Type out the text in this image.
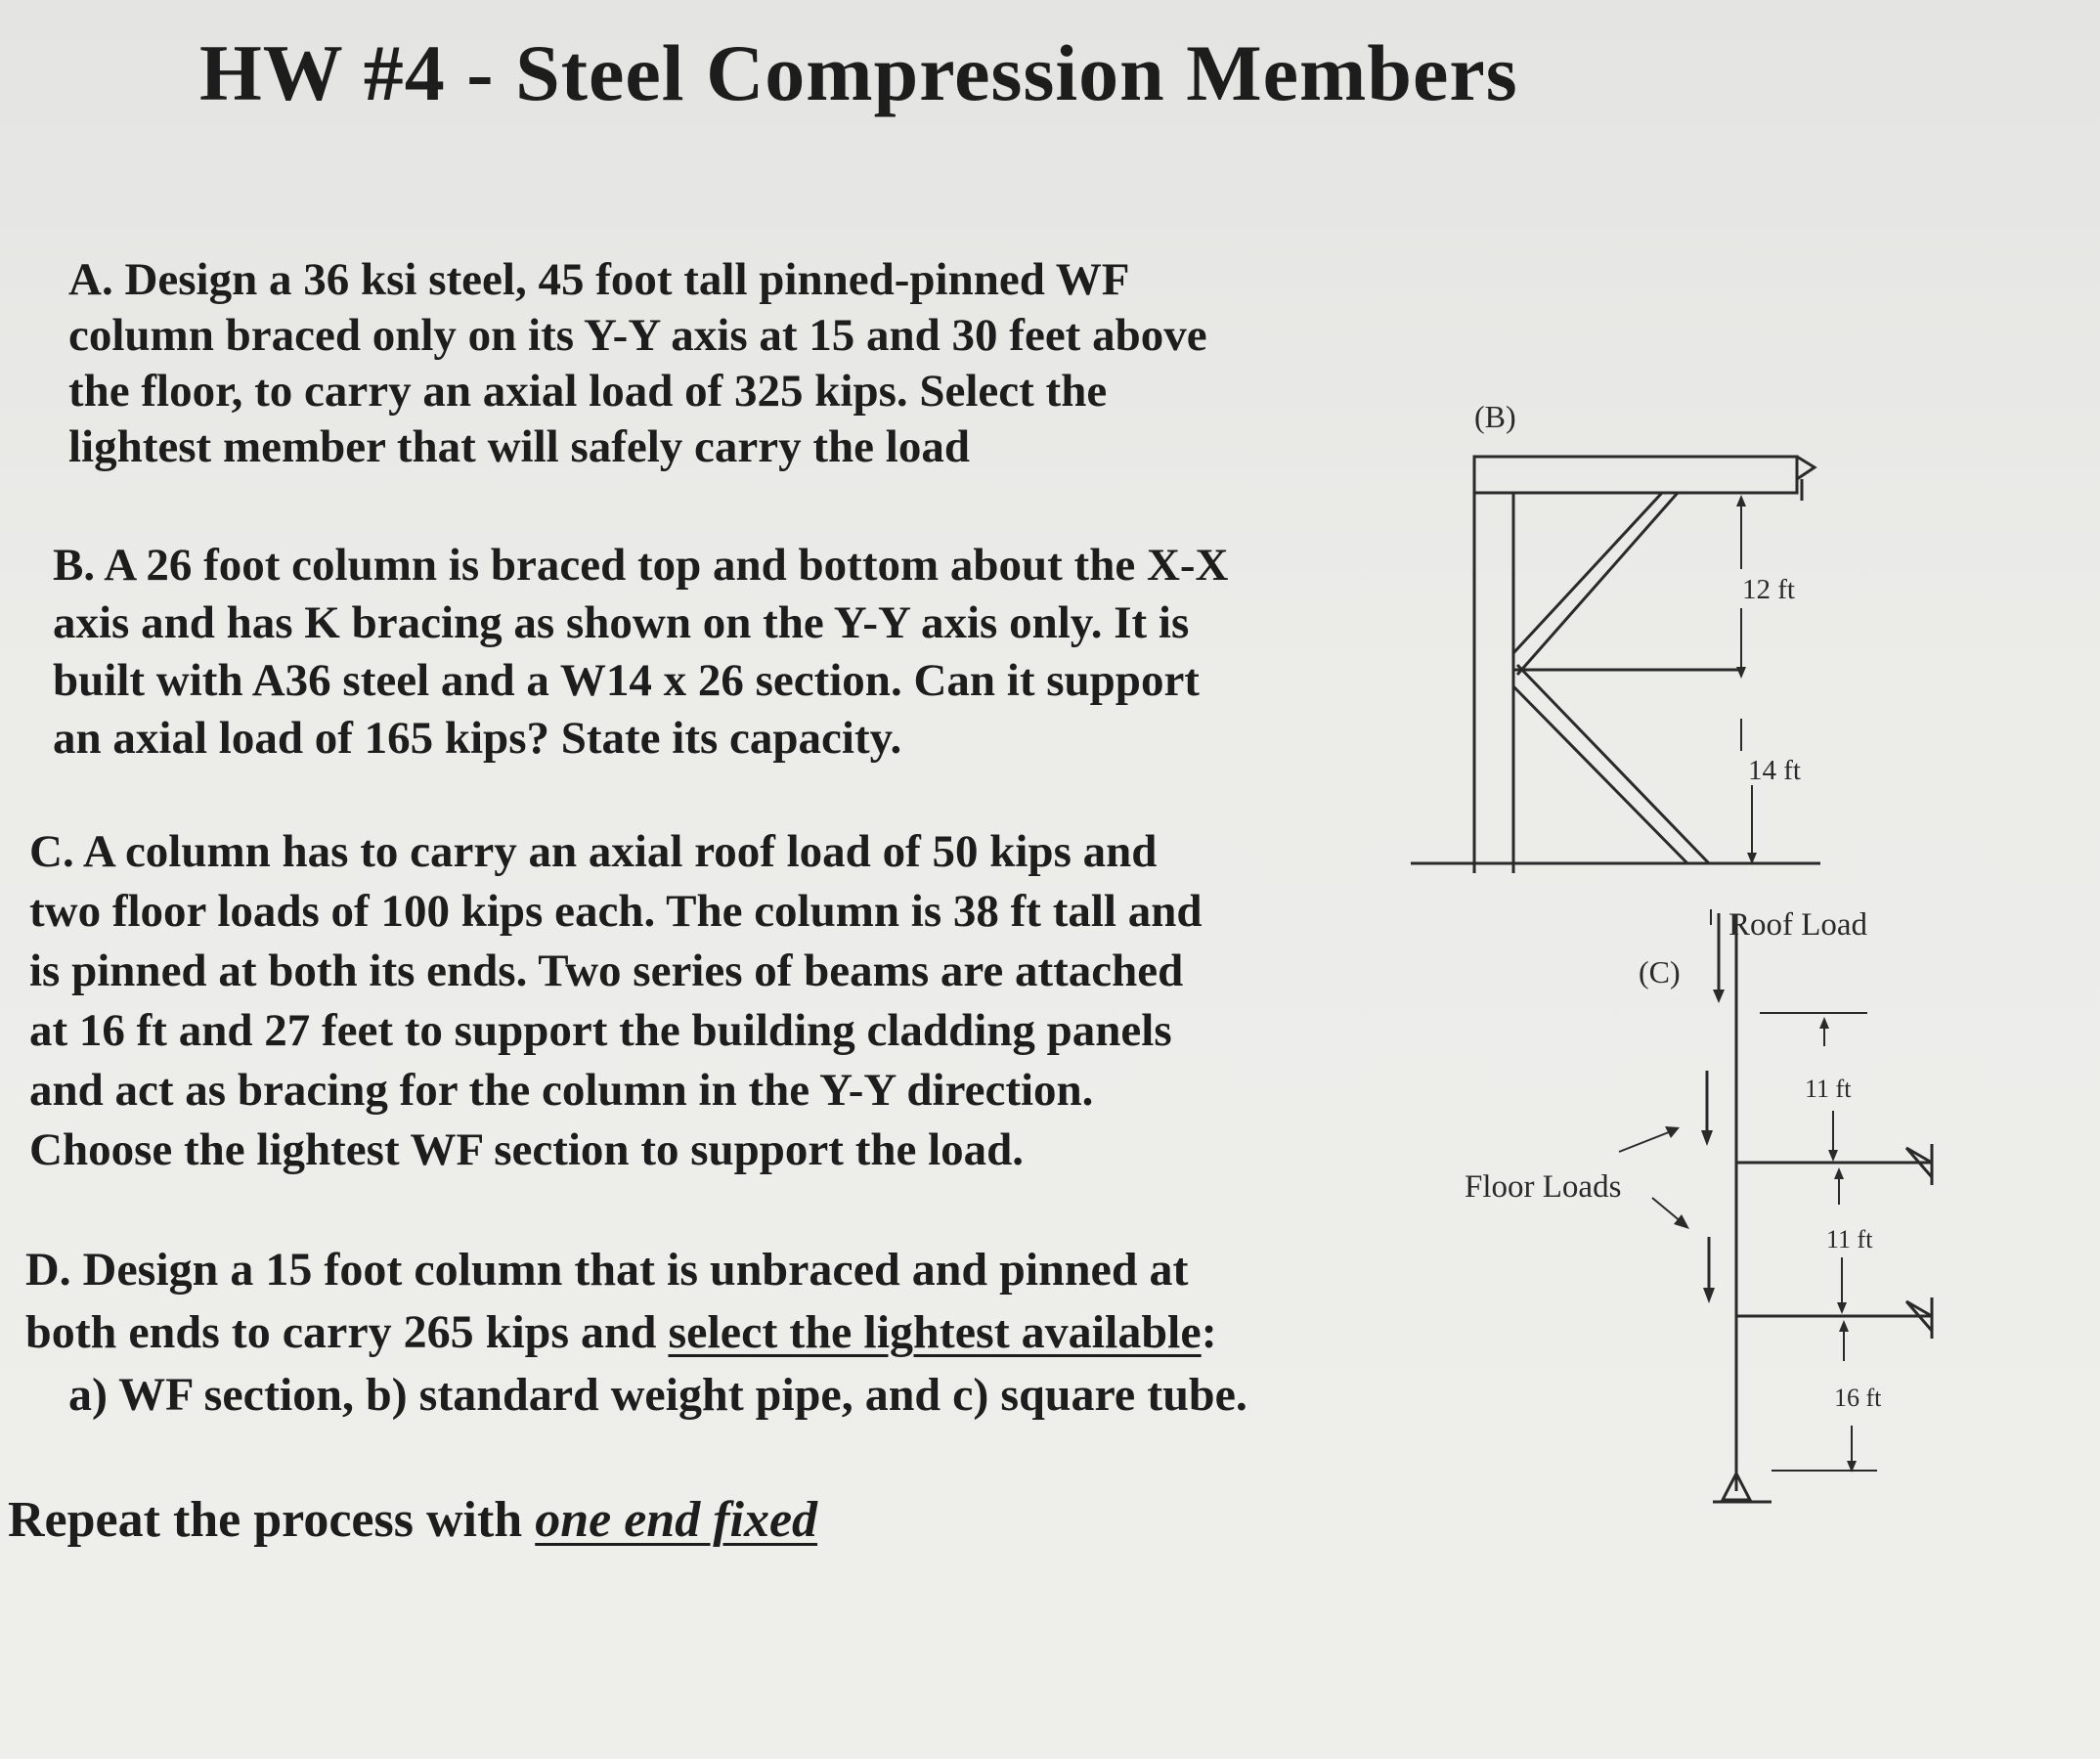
HW #4 - Steel Compression Members
A. Design a 36 ksi steel, 45 foot tall pinned-pinned WF
column braced only on its Y-Y axis at 15 and 30 feet above
the floor, to carry an axial load of 325 kips. Select the
lightest member that will safely carry the load
B. A 26 foot column is braced top and bottom about the X-X
axis and has K bracing as shown on the Y-Y axis only. It is
built with A36 steel and a W14 x 26 section. Can it support
an axial load of 165 kips? State its capacity.
C. A column has to carry an axial roof load of 50 kips and
two floor loads of 100 kips each. The column is 38 ft tall and
is pinned at both its ends. Two series of beams are attached
at 16 ft and 27 feet to support the building cladding panels
and act as bracing for the column in the Y-Y direction.
Choose the lightest WF section to support the load.
D. Design a 15 foot column that is unbraced and pinned at
both ends to carry 265 kips and select the lightest available:
a) WF section, b) standard weight pipe, and c) square tube.
Repeat the process with one end fixed
(B)
12 ft
14 ft
(C)
Roof Load
Floor Loads
11 ft
11 ft
16 ft
